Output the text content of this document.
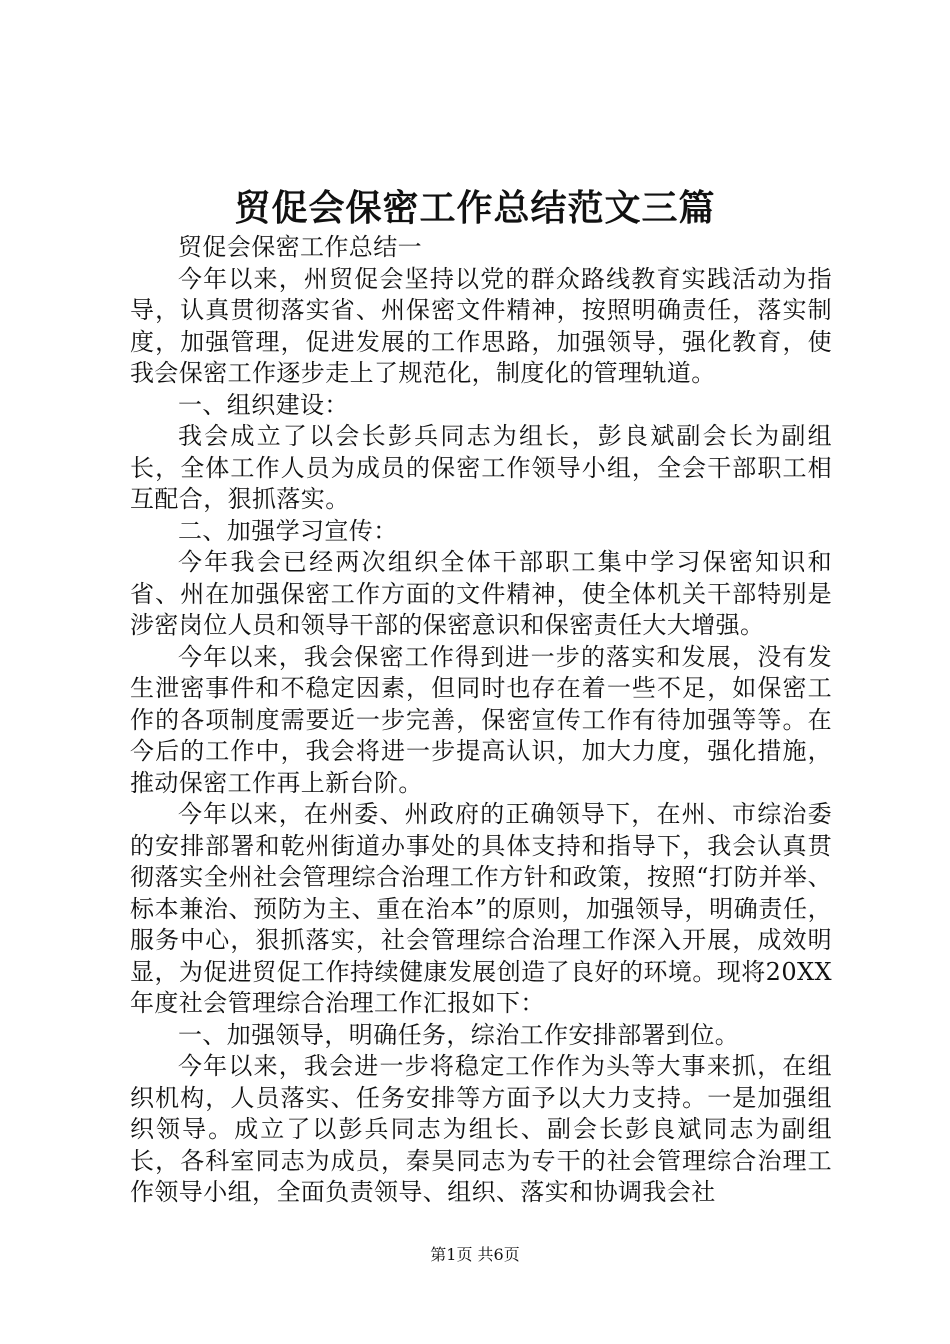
贸促会保密工作总结范文三篇

贸促会保密工作总结一

今年以来，州贸促会坚持以党的群众路线教育实践活动为指导，认真贯彻落实省、州保密文件精神，按照明确责任，落实制度，加强管理，促进发展的工作思路，加强领导，强化教育，使我会保密工作逐步走上了规范化，制度化的管理轨道。

一、组织建设：

我会成立了以会长彭兵同志为组长，彭良斌副会长为副组长，全体工作人员为成员的保密工作领导小组，全会干部职工相互配合，狠抓落实。

二、加强学习宣传：

今年我会已经两次组织全体干部职工集中学习保密知识和省、州在加强保密工作方面的文件精神，使全体机关干部特别是涉密岗位人员和领导干部的保密意识和保密责任大大增强。

今年以来，我会保密工作得到进一步的落实和发展，没有发生泄密事件和不稳定因素，但同时也存在着一些不足，如保密工作的各项制度需要近一步完善，保密宣传工作有待加强等等。在今后的工作中，我会将进一步提高认识，加大力度，强化措施，推动保密工作再上新台阶。

今年以来，在州委、州政府的正确领导下，在州、市综治委的安排部署和乾州街道办事处的具体支持和指导下，我会认真贯彻落实全州社会管理综合治理工作方针和政策，按照“打防并举、标本兼治、预防为主、重在治本”的原则，加强领导，明确责任，服务中心，狠抓落实，社会管理综合治理工作深入开展，成效明显，为促进贸促工作持续健康发展创造了良好的环境。现将20XX年度社会管理综合治理工作汇报如下：

一、加强领导，明确任务，综治工作安排部署到位。

今年以来，我会进一步将稳定工作作为头等大事来抓，在组织机构，人员落实、任务安排等方面予以大力支持。一是加强组织领导。成立了以彭兵同志为组长、副会长彭良斌同志为副组长，各科室同志为成员，秦昊同志为专干的社会管理综合治理工作领导小组，全面负责领导、组织、落实和协调我会社

第1页 共6页
